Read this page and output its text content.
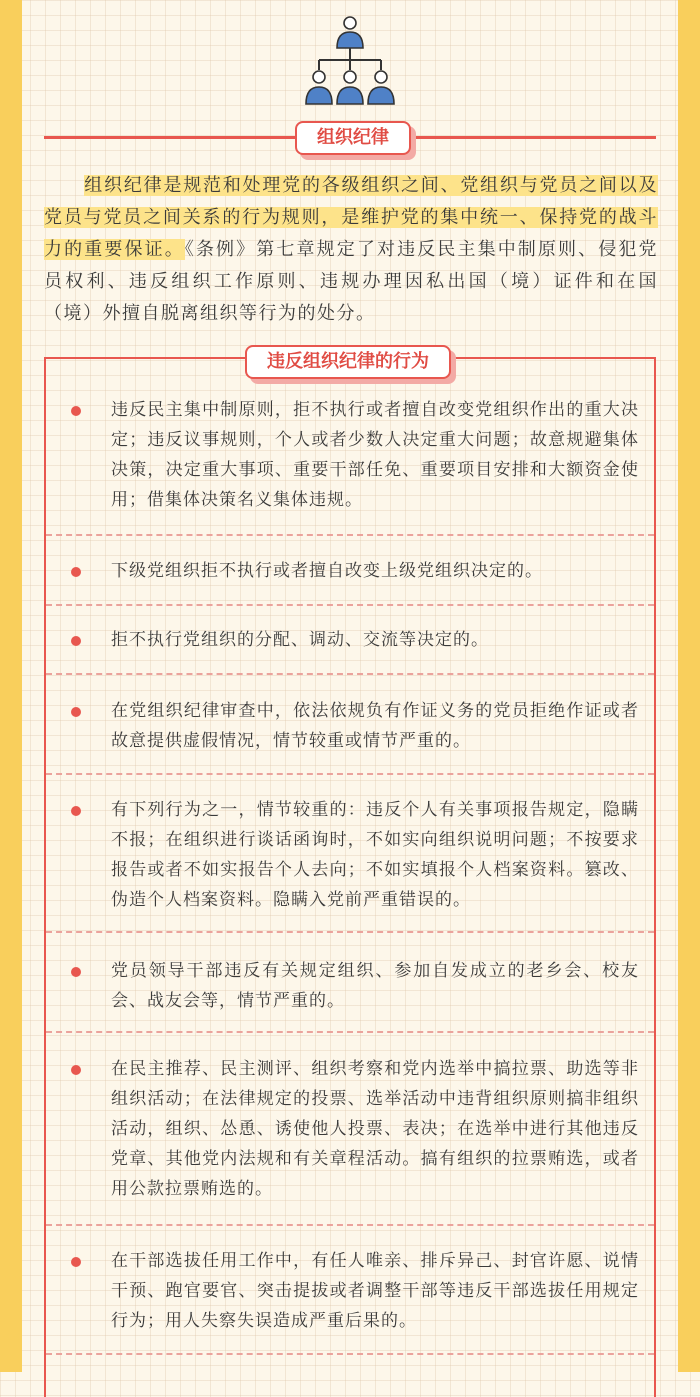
组织纪律

组织纪律是规范和处理党的各级组织之间、党组织与党员之间以及党员与党员之间关系的行为规则，是维护党的集中统一、保持党的战斗力的重要保证。《条例》第七章规定了对违反民主集中制原则、侵犯党员权利、违反组织工作原则、违规办理因私出国（境）证件和在国（境）外擅自脱离组织等行为的处分。

违反组织纪律的行为
违反民主集中制原则，拒不执行或者擅自改变党组织作出的重大决定；违反议事规则，个人或者少数人决定重大问题；故意规避集体决策，决定重大事项、重要干部任免、重要项目安排和大额资金使用；借集体决策名义集体违规。
下级党组织拒不执行或者擅自改变上级党组织决定的。
拒不执行党组织的分配、调动、交流等决定的。
在党组织纪律审查中，依法依规负有作证义务的党员拒绝作证或者故意提供虚假情况，情节较重或情节严重的。
有下列行为之一，情节较重的：违反个人有关事项报告规定，隐瞒不报；在组织进行谈话函询时，不如实向组织说明问题；不按要求报告或者不如实报告个人去向；不如实填报个人档案资料。篡改、伪造个人档案资料。隐瞒入党前严重错误的。
党员领导干部违反有关规定组织、参加自发成立的老乡会、校友会、战友会等，情节严重的。
在民主推荐、民主测评、组织考察和党内选举中搞拉票、助选等非组织活动；在法律规定的投票、选举活动中违背组织原则搞非组织活动，组织、怂恿、诱使他人投票、表决；在选举中进行其他违反党章、其他党内法规和有关章程活动。搞有组织的拉票贿选，或者用公款拉票贿选的。
在干部选拔任用工作中，有任人唯亲、排斥异己、封官许愿、说情干预、跑官要官、突击提拔或者调整干部等违反干部选拔任用规定行为；用人失察失误造成严重后果的。
